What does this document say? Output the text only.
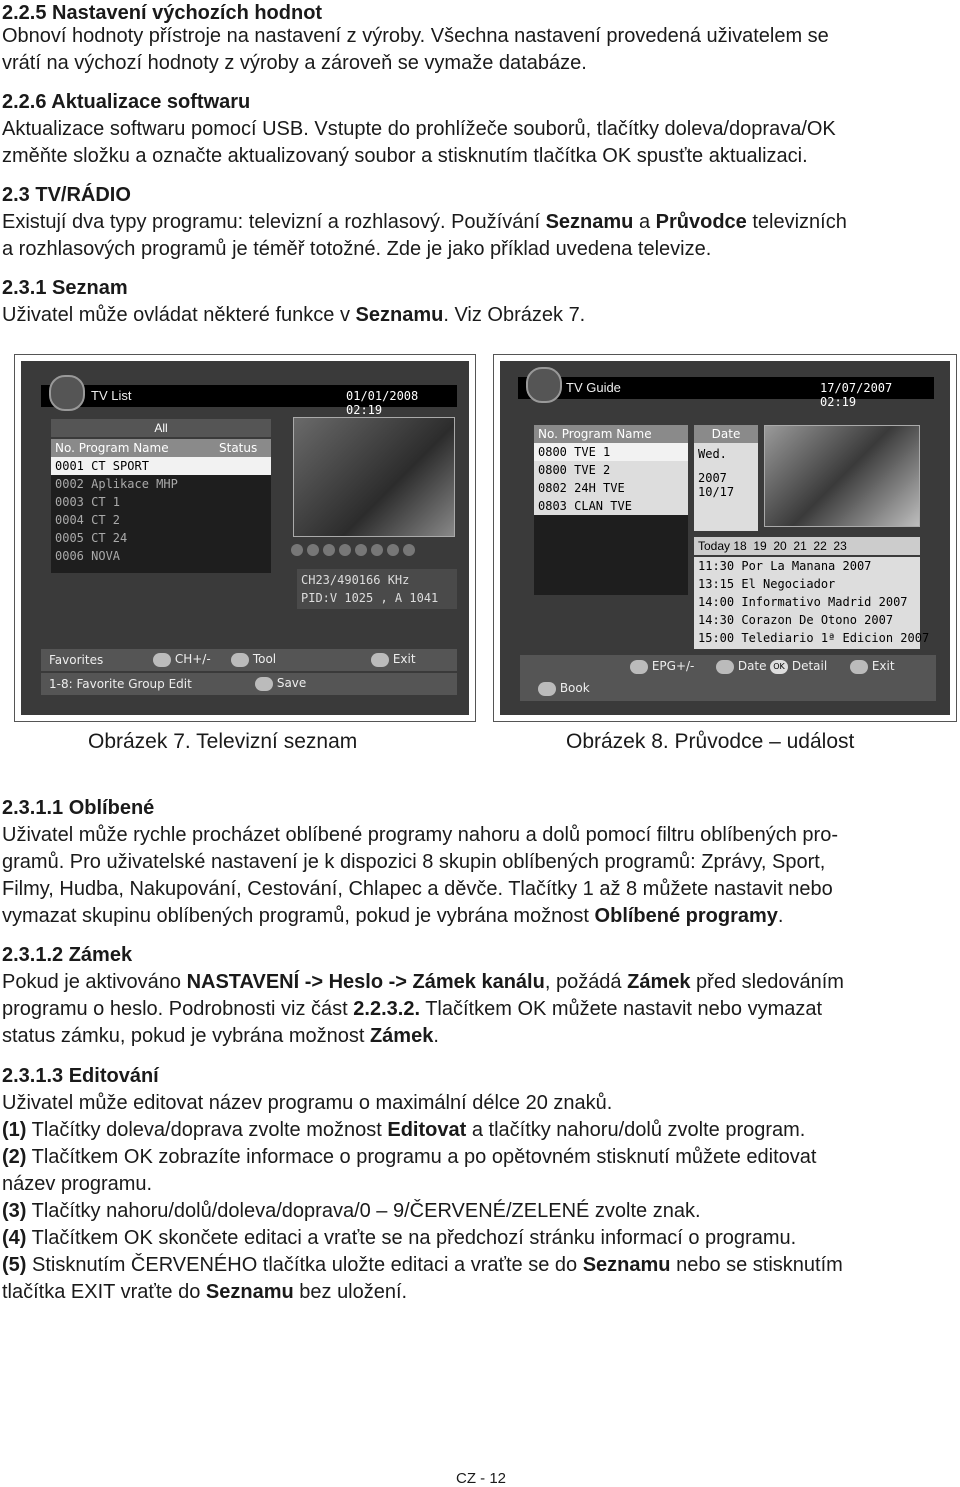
2.2.5 Nastavení výchozích hodnot
Obnoví hodnoty přístroje na nastavení z výroby. Všechna nastavení provedená uživatelem se
vrátí na výchozí hodnoty z výroby a zároveň se vymaže databáze.
2.2.6 Aktualizace softwaru
Aktualizace softwaru pomocí USB. Vstupte do prohlížeče souborů, tlačítky doleva/doprava/OK
změňte složku a označte aktualizovaný soubor a stisknutím tlačítka OK spusťte aktualizaci.
2.3 TV/RÁDIO
Existují dva typy programu: televizní a rozhlasový. Používání Seznamu a Průvodce televizních
a rozhlasových programů je téměř totožné. Zde je jako příklad uvedena televize.
2.3.1 Seznam
Uživatel může ovládat některé funkce v Seznamu. Viz Obrázek 7.
TV List	01/01/2008 02:19
All
No. Program Name	Status
0001 CT SPORT
0002 Aplikace MHP
0003 CT 1
0004 CT 2
0005 CT 24
0006 NOVA
CH23/490166 KHz
PID:V 1025 , A 1041
Favorites	CH+/-	Tool	Exit
1-8: Favorite Group Edit	Save
TV Guide	17/07/2007 02:19
No. Program Name
0800 TVE 1
0800 TVE 2
0802 24H TVE
0803 CLAN TVE
Date
Wed.
2007
10/17
Today 18  19  20  21  22  23
11:30 Por La Manana 2007
13:15 El Negociador
14:00 Informativo Madrid 2007
14:30 Corazon De Otono 2007
15:00 Telediario 1ª Edicion 2007
EPG+/-	Date OK Detail	Exit
Book
Obrázek 7. Televizní seznam	Obrázek 8. Průvodce – událost
2.3.1.1 Oblíbené
Uživatel může rychle procházet oblíbené programy nahoru a dolů pomocí filtru oblíbených pro-
gramů. Pro uživatelské nastavení je k dispozici 8 skupin oblíbených programů: Zprávy, Sport,
Filmy, Hudba, Nakupování, Cestování, Chlapec a děvče. Tlačítky 1 až 8 můžete nastavit nebo
vymazat skupinu oblíbených programů, pokud je vybrána možnost Oblíbené programy.
2.3.1.2 Zámek
Pokud je aktivováno NASTAVENÍ -> Heslo -> Zámek kanálu, požádá Zámek před sledováním
programu o heslo. Podrobnosti viz část 2.2.3.2. Tlačítkem OK můžete nastavit nebo vymazat
status zámku, pokud je vybrána možnost Zámek.
2.3.1.3 Editování
Uživatel může editovat název programu o maximální délce 20 znaků.
(1) Tlačítky doleva/doprava zvolte možnost Editovat a tlačítky nahoru/dolů zvolte program.
(2) Tlačítkem OK zobrazíte informace o programu a po opětovném stisknutí můžete editovat
název programu.
(3) Tlačítky nahoru/dolů/doleva/doprava/0 – 9/ČERVENÉ/ZELENÉ zvolte znak.
(4) Tlačítkem OK skončete editaci a vraťte se na předchozí stránku informací o programu.
(5) Stisknutím ČERVENÉHO tlačítka uložte editaci a vraťte se do Seznamu nebo se stisknutím
tlačítka EXIT vraťte do Seznamu bez uložení.
CZ - 12
